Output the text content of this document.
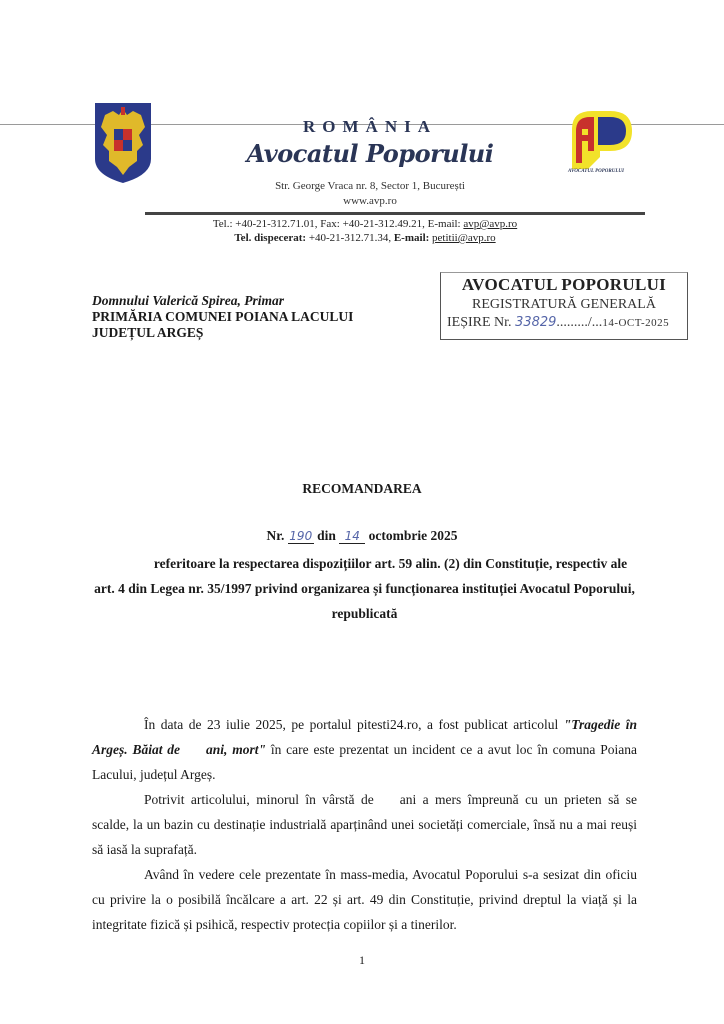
ROMÂNIA
Avocatul Poporului
Str. George Vraca nr. 8, Sector 1, București
www.avp.ro
Tel.: +40-21-312.71.01, Fax: +40-21-312.49.21, E-mail: avp@avp.ro
Tel. dispecerat: +40-21-312.71.34, E-mail: petitii@avp.ro
AVOCATUL POPORULUI
AVOCATUL POPORULUI
REGISTRATURĂ GENERALĂ
IEȘIRE Nr. 33829........./...14-OCT-2025
Domnului Valerică Spirea, Primar
PRIMĂRIA COMUNEI POIANA LACULUI
JUDEȚUL ARGEȘ
RECOMANDAREA
Nr. 190 din 14 octombrie 2025
referitoare la respectarea dispozițiilor art. 59 alin. (2) din Constituție, respectiv ale art. 4 din Legea nr. 35/1997 privind organizarea și funcționarea instituției Avocatul Poporului, republicată
În data de 23 iulie 2025, pe portalul pitesti24.ro, a fost publicat articolul "Tragedie în Argeș. Băiat de ani, mort" în care este prezentat un incident ce a avut loc în comuna Poiana Lacului, județul Argeș.
Potrivit articolului, minorul în vârstă de ani a mers împreună cu un prieten să se scalde, la un bazin cu destinație industrială aparținând unei societăți comerciale, însă nu a mai reuși să iasă la suprafață.
Având în vedere cele prezentate în mass-media, Avocatul Poporului s-a sesizat din oficiu cu privire la o posibilă încălcare a art. 22 și art. 49 din Constituție, privind dreptul la viață și la integritate fizică și psihică, respectiv protecția copiilor și a tinerilor.
1
